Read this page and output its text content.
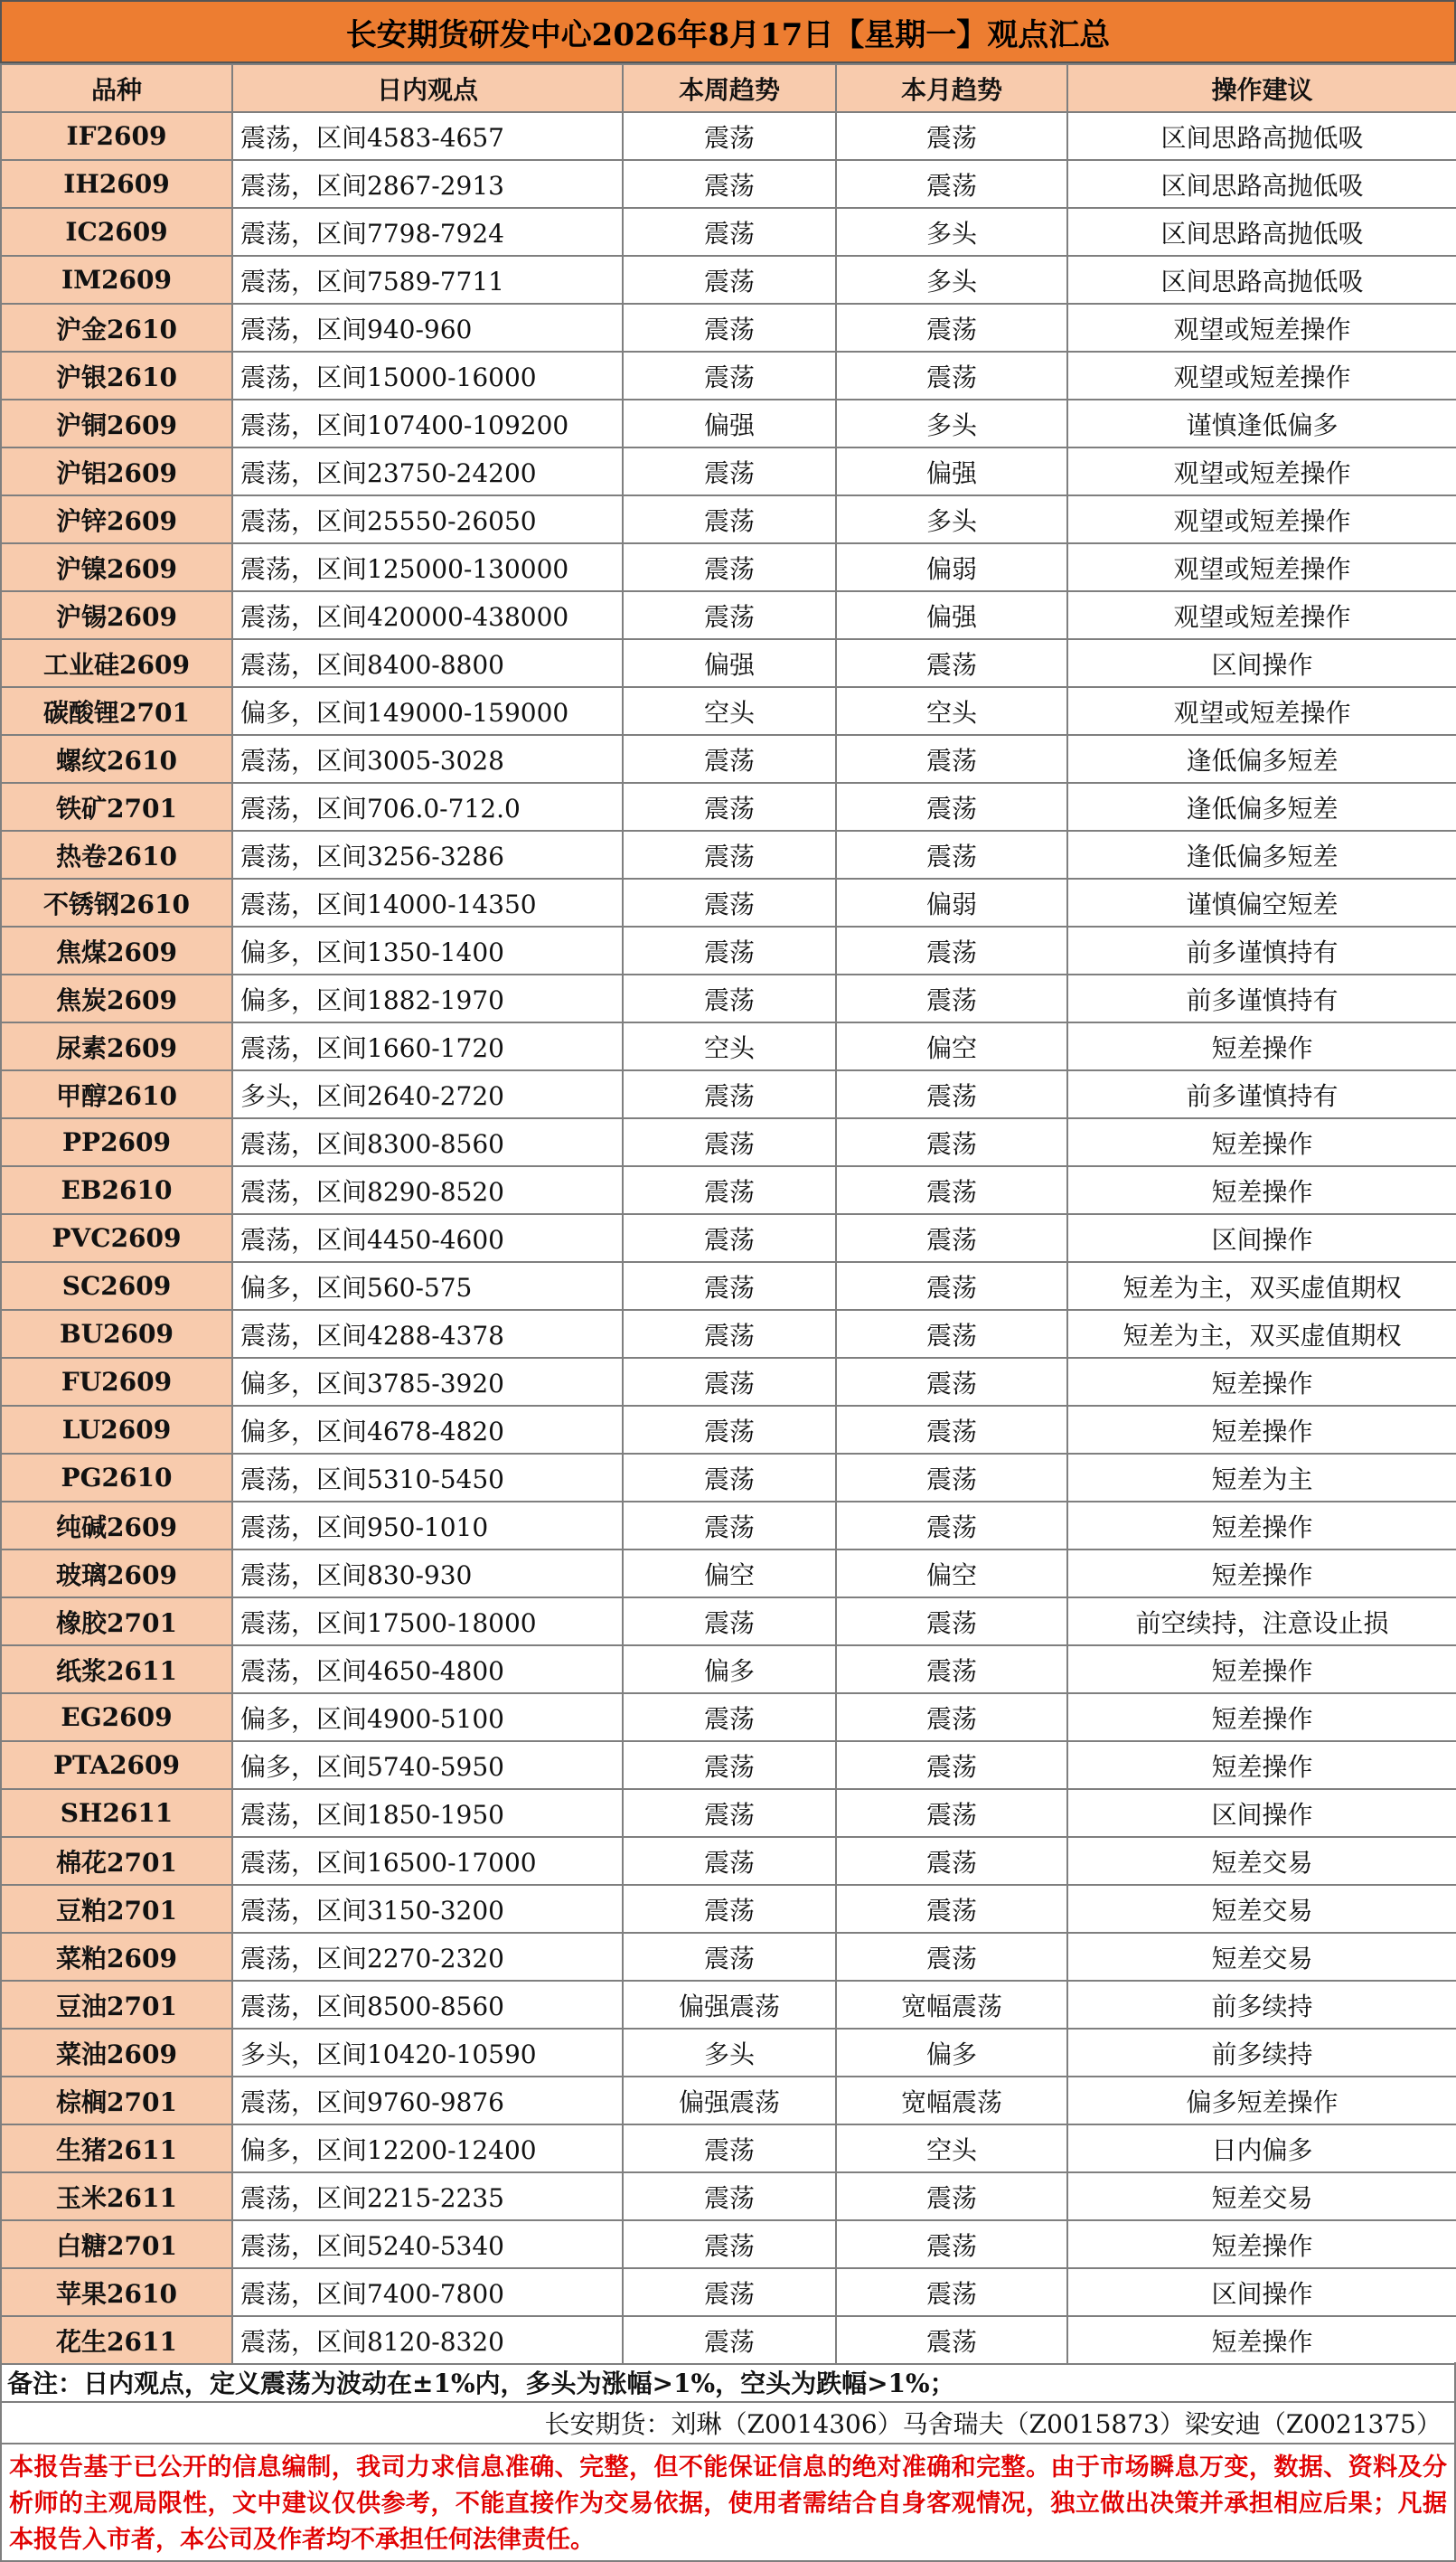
长安期货研发中心2026年8月17日【星期一】观点汇总
品种	日内观点	本周趋势	本月趋势	操作建议
IF2609	震荡，区间4583-4657	震荡	震荡	区间思路高抛低吸
IH2609	震荡，区间2867-2913	震荡	震荡	区间思路高抛低吸
IC2609	震荡，区间7798-7924	震荡	多头	区间思路高抛低吸
IM2609	震荡，区间7589-7711	震荡	多头	区间思路高抛低吸
沪金2610	震荡，区间940-960	震荡	震荡	观望或短差操作
沪银2610	震荡，区间15000-16000	震荡	震荡	观望或短差操作
沪铜2609	震荡，区间107400-109200	偏强	多头	谨慎逢低偏多
沪铝2609	震荡，区间23750-24200	震荡	偏强	观望或短差操作
沪锌2609	震荡，区间25550-26050	震荡	多头	观望或短差操作
沪镍2609	震荡，区间125000-130000	震荡	偏弱	观望或短差操作
沪锡2609	震荡，区间420000-438000	震荡	偏强	观望或短差操作
工业硅2609	震荡，区间8400-8800	偏强	震荡	区间操作
碳酸锂2701	偏多，区间149000-159000	空头	空头	观望或短差操作
螺纹2610	震荡，区间3005-3028	震荡	震荡	逢低偏多短差
铁矿2701	震荡，区间706.0-712.0	震荡	震荡	逢低偏多短差
热卷2610	震荡，区间3256-3286	震荡	震荡	逢低偏多短差
不锈钢2610	震荡，区间14000-14350	震荡	偏弱	谨慎偏空短差
焦煤2609	偏多，区间1350-1400	震荡	震荡	前多谨慎持有
焦炭2609	偏多，区间1882-1970	震荡	震荡	前多谨慎持有
尿素2609	震荡，区间1660-1720	空头	偏空	短差操作
甲醇2610	多头，区间2640-2720	震荡	震荡	前多谨慎持有
PP2609	震荡，区间8300-8560	震荡	震荡	短差操作
EB2610	震荡，区间8290-8520	震荡	震荡	短差操作
PVC2609	震荡，区间4450-4600	震荡	震荡	区间操作
SC2609	偏多，区间560-575	震荡	震荡	短差为主，双买虚值期权
BU2609	震荡，区间4288-4378	震荡	震荡	短差为主，双买虚值期权
FU2609	偏多，区间3785-3920	震荡	震荡	短差操作
LU2609	偏多，区间4678-4820	震荡	震荡	短差操作
PG2610	震荡，区间5310-5450	震荡	震荡	短差为主
纯碱2609	震荡，区间950-1010	震荡	震荡	短差操作
玻璃2609	震荡，区间830-930	偏空	偏空	短差操作
橡胶2701	震荡，区间17500-18000	震荡	震荡	前空续持，注意设止损
纸浆2611	震荡，区间4650-4800	偏多	震荡	短差操作
EG2609	偏多，区间4900-5100	震荡	震荡	短差操作
PTA2609	偏多，区间5740-5950	震荡	震荡	短差操作
SH2611	震荡，区间1850-1950	震荡	震荡	区间操作
棉花2701	震荡，区间16500-17000	震荡	震荡	短差交易
豆粕2701	震荡，区间3150-3200	震荡	震荡	短差交易
菜粕2609	震荡，区间2270-2320	震荡	震荡	短差交易
豆油2701	震荡，区间8500-8560	偏强震荡	宽幅震荡	前多续持
菜油2609	多头，区间10420-10590	多头	偏多	前多续持
棕榈2701	震荡，区间9760-9876	偏强震荡	宽幅震荡	偏多短差操作
生猪2611	偏多，区间12200-12400	震荡	空头	日内偏多
玉米2611	震荡，区间2215-2235	震荡	震荡	短差交易
白糖2701	震荡，区间5240-5340	震荡	震荡	短差操作
苹果2610	震荡，区间7400-7800	震荡	震荡	区间操作
花生2611	震荡，区间8120-8320	震荡	震荡	短差操作
备注：日内观点，定义震荡为波动在±1%内，多头为涨幅>1%，空头为跌幅>1%；
长安期货：刘琳（Z0014306）马舍瑞夫（Z0015873）梁安迪（Z0021375）
本报告基于已公开的信息编制，我司力求信息准确、完整，但不能保证信息的绝对准确和完整。由于市场瞬息万变，数据、资料及分析师的主观局限性，文中建议仅供参考，不能直接作为交易依据，使用者需结合自身客观情况，独立做出决策并承担相应后果；凡据本报告入市者，本公司及作者均不承担任何法律责任。
